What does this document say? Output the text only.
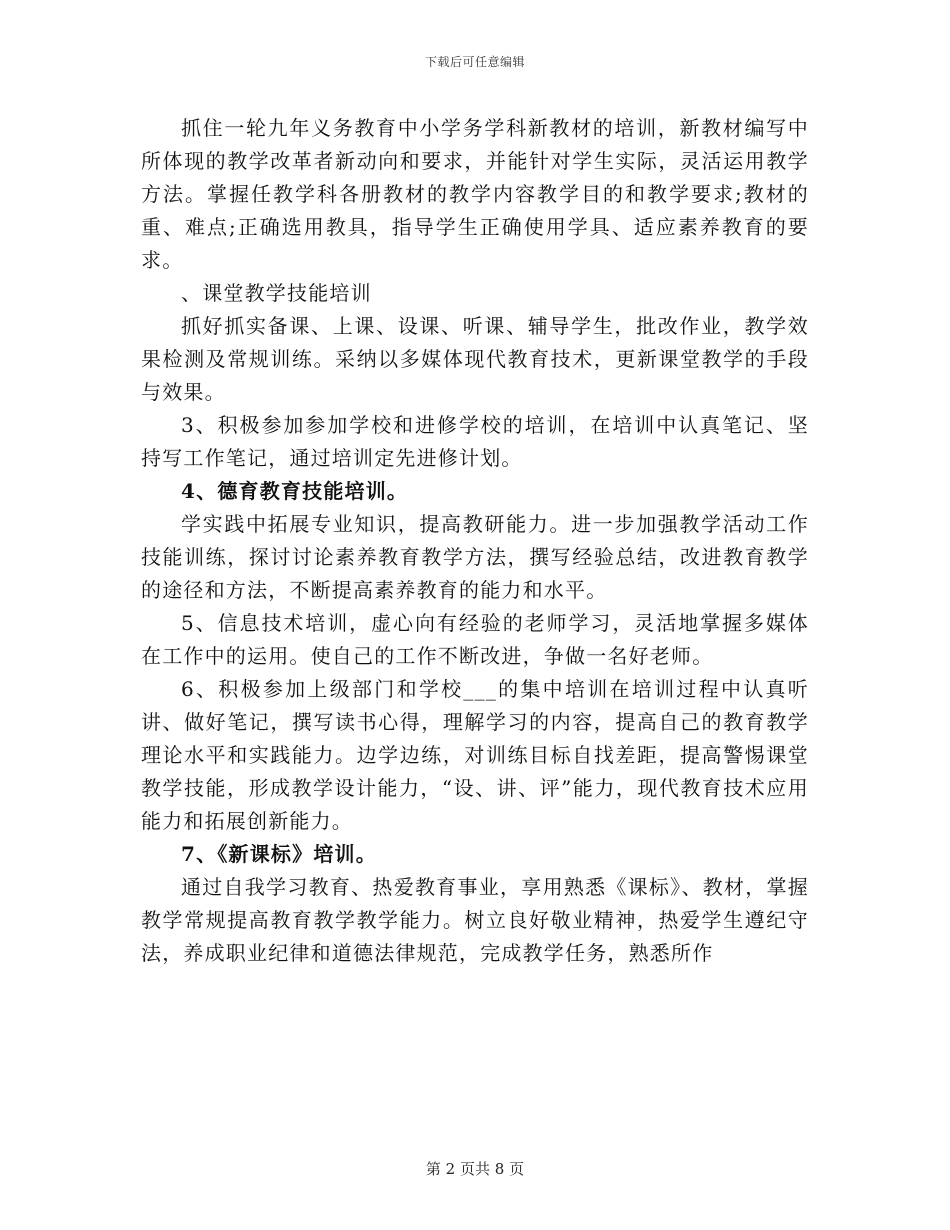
下载后可任意编辑

抓住一轮九年义务教育中小学务学科新教材的培训，新教材编写中所体现的教学改革者新动向和要求，并能针对学生实际，灵活运用教学方法。掌握任教学科各册教材的教学内容教学目的和教学要求;教材的重、难点;正确选用教具，指导学生正确使用学具、适应素养教育的要求。

、课堂教学技能培训

抓好抓实备课、上课、设课、听课、辅导学生，批改作业，教学效果检测及常规训练。采纳以多媒体现代教育技术，更新课堂教学的手段与效果。

3、积极参加参加学校和进修学校的培训，在培训中认真笔记、坚持写工作笔记，通过培训定先进修计划。

4、德育教育技能培训。

学实践中拓展专业知识，提高教研能力。进一步加强教学活动工作技能训练，探讨讨论素养教育教学方法，撰写经验总结，改进教育教学的途径和方法，不断提高素养教育的能力和水平。

5、信息技术培训，虚心向有经验的老师学习，灵活地掌握多媒体在工作中的运用。使自己的工作不断改进，争做一名好老师。

6、积极参加上级部门和学校___的集中培训在培训过程中认真听讲、做好笔记，撰写读书心得，理解学习的内容，提高自己的教育教学理论水平和实践能力。边学边练，对训练目标自找差距，提高警惕课堂教学技能，形成教学设计能力，“设、讲、评”能力，现代教育技术应用能力和拓展创新能力。

7、《新课标》培训。

通过自我学习教育、热爱教育事业，享用熟悉《课标》、教材，掌握教学常规提高教育教学教学能力。树立良好敬业精神，热爱学生遵纪守法，养成职业纪律和道德法律规范，完成教学任务，熟悉所作

第 2 页共 8 页
